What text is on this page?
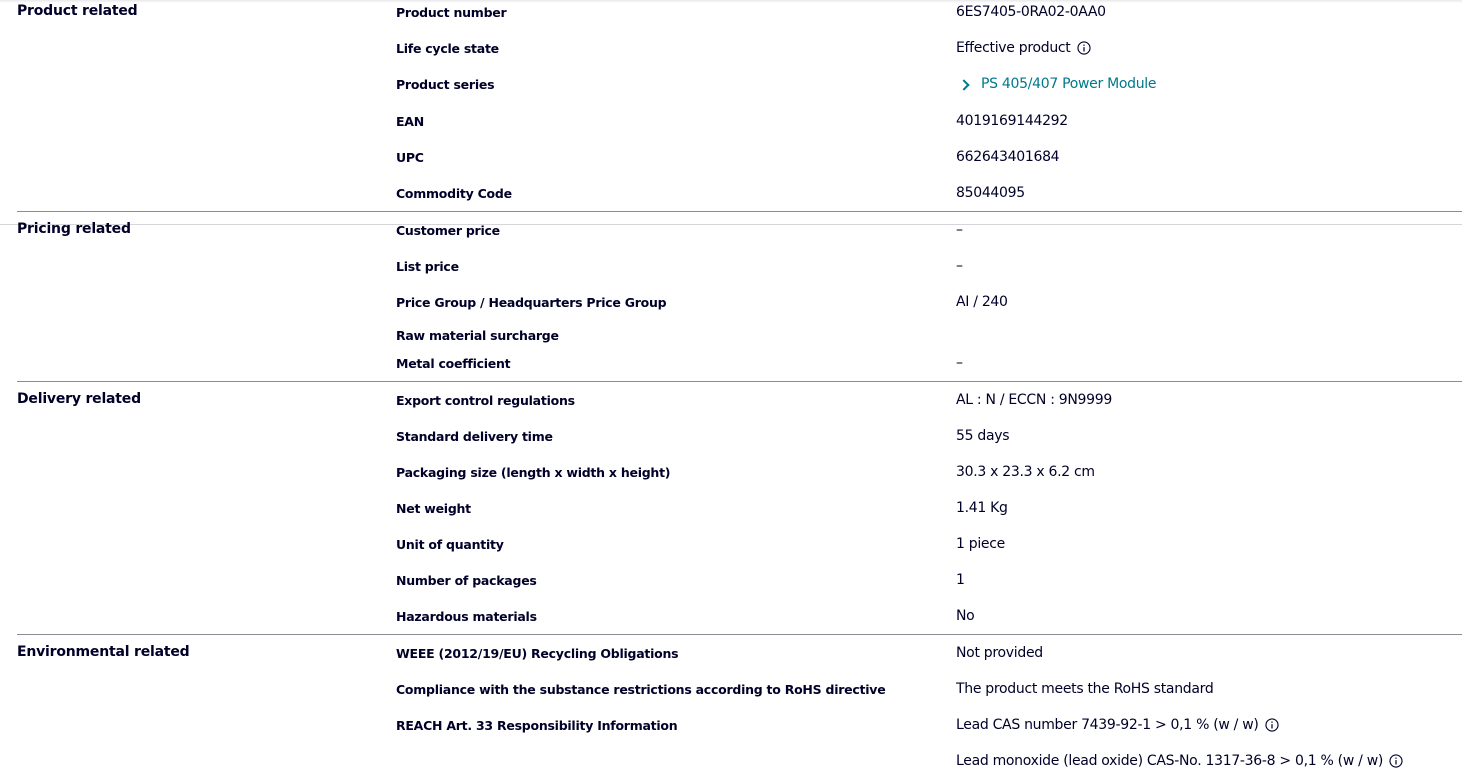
Product related	Product number	6ES7405-0RA02-0AA0
Life cycle state	Effective product
Product series	PS 405/407 Power Module
EAN	4019169144292
UPC	662643401684
Commodity Code	85044095
Pricing related	Customer price	–
List price	–
Price Group / Headquarters Price Group	AI / 240
Raw material surcharge
Metal coefficient	–
Delivery related	Export control regulations	AL : N / ECCN : 9N9999
Standard delivery time	55 days
Packaging size (length x width x height)	30.3 x 23.3 x 6.2 cm
Net weight	1.41 Kg
Unit of quantity	1 piece
Number of packages	1
Hazardous materials	No
Environmental related	WEEE (2012/19/EU) Recycling Obligations	Not provided
Compliance with the substance restrictions according to RoHS directive	The product meets the RoHS standard
REACH Art. 33 Responsibility Information	Lead CAS number 7439-92-1 > 0,1 % (w / w)
Lead monoxide (lead oxide) CAS-No. 1317-36-8 > 0,1 % (w / w)
